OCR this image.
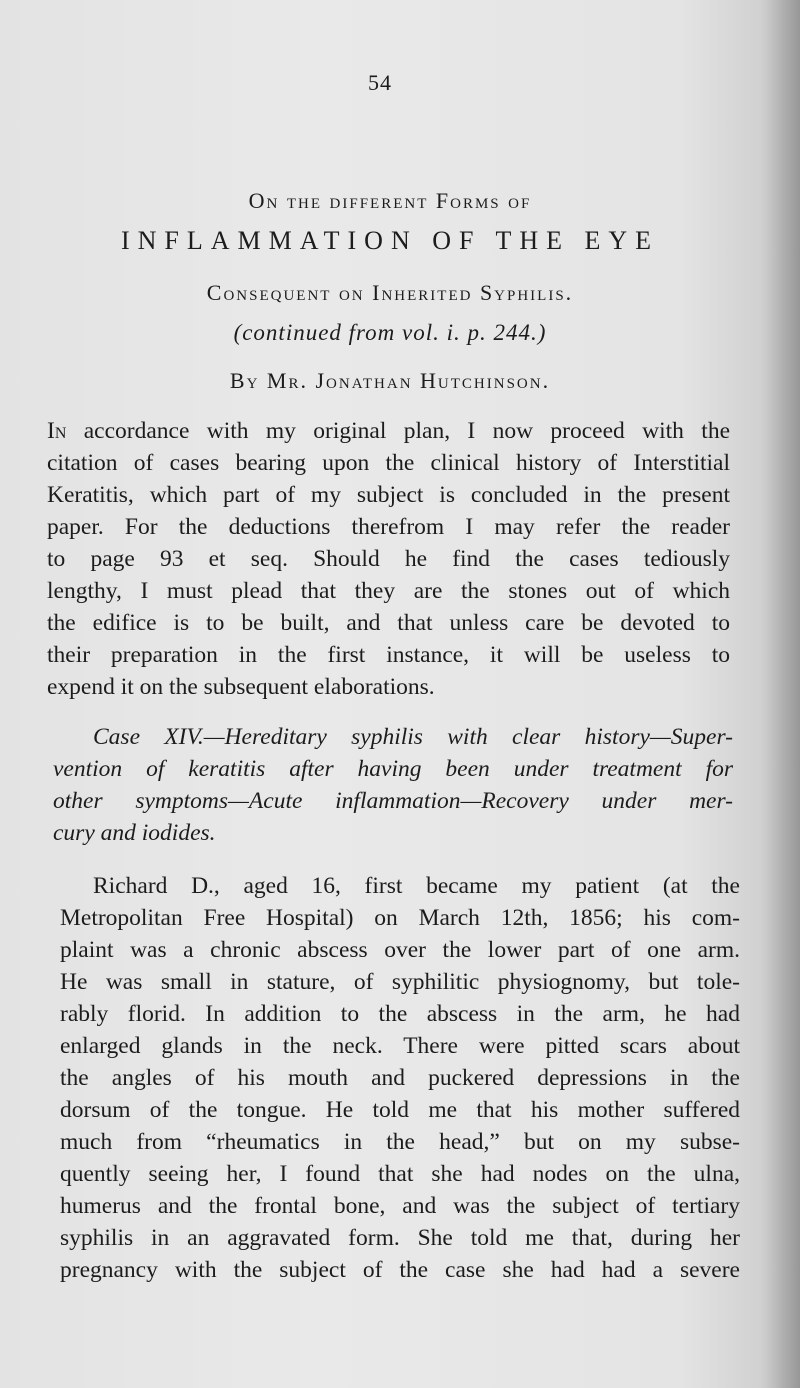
54
On the different Forms of
INFLAMMATION OF THE EYE
Consequent on Inherited Syphilis.
(continued from vol. i. p. 244.)
By Mr. Jonathan Hutchinson.
In accordance with my original plan, I now proceed with the
citation of cases bearing upon the clinical history of Interstitial
Keratitis, which part of my subject is concluded in the present
paper. For the deductions therefrom I may refer the reader
to page 93 et seq. Should he find the cases tediously
lengthy, I must plead that they are the stones out of which
the edifice is to be built, and that unless care be devoted to
their preparation in the first instance, it will be useless to
expend it on the subsequent elaborations.
Case XIV.—Hereditary syphilis with clear history—Super-
vention of keratitis after having been under treatment for
other symptoms—Acute inflammation—Recovery under mer-
cury and iodides.
Richard D., aged 16, first became my patient (at the
Metropolitan Free Hospital) on March 12th, 1856; his com-
plaint was a chronic abscess over the lower part of one arm.
He was small in stature, of syphilitic physiognomy, but tole-
rably florid. In addition to the abscess in the arm, he had
enlarged glands in the neck. There were pitted scars about
the angles of his mouth and puckered depressions in the
dorsum of the tongue. He told me that his mother suffered
much from “rheumatics in the head,” but on my subse-
quently seeing her, I found that she had nodes on the ulna,
humerus and the frontal bone, and was the subject of tertiary
syphilis in an aggravated form. She told me that, during her
pregnancy with the subject of the case she had had a severe
